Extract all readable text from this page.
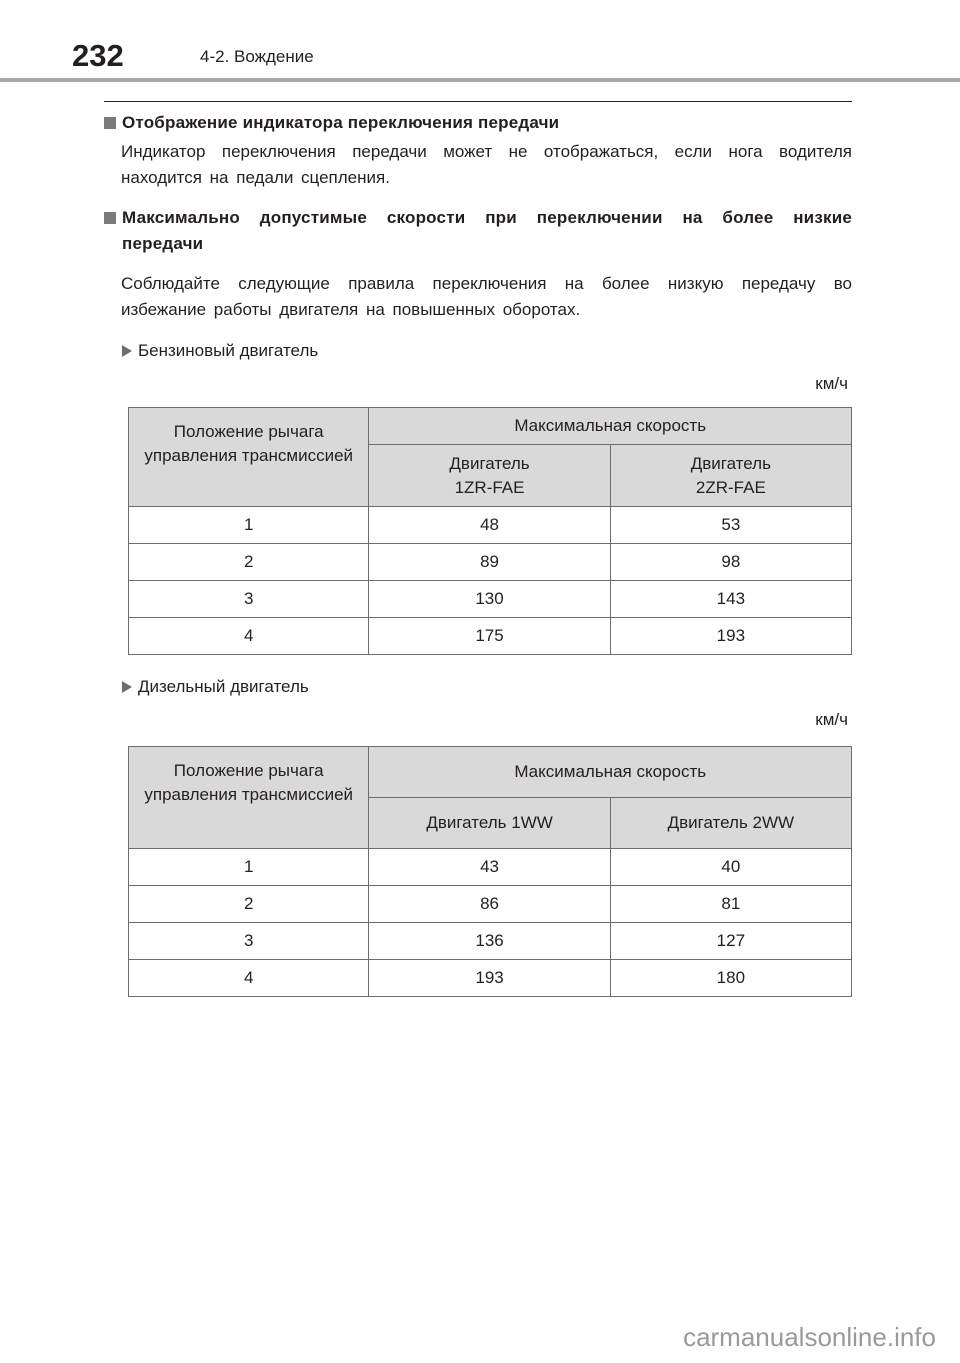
232	4-2. Вождение
Отображение индикатора переключения передачи
Индикатор переключения передачи может не отображаться, если нога водителя находится на педали сцепления.
Максимально допустимые скорости при переключении на более низкие передачи
Соблюдайте следующие правила переключения на более низкую передачу во избежание работы двигателя на повышенных оборотах.
Бензиновый двигатель
км/ч
Положение рычага управления трансмиссией	Максимальная скорость	

	Двигатель 1ZR-FAE	Двигатель 2ZR-FAE

1	48	53
2	89	98
3	130	143
4	175	193
Дизельный двигатель
км/ч
Положение рычага управления трансмиссией	Максимальная скорость	
	Двигатель 1WW	Двигатель 2WW
1	43	40
2	86	81
3	136	127
4	193	180
carmanualsonline.info
